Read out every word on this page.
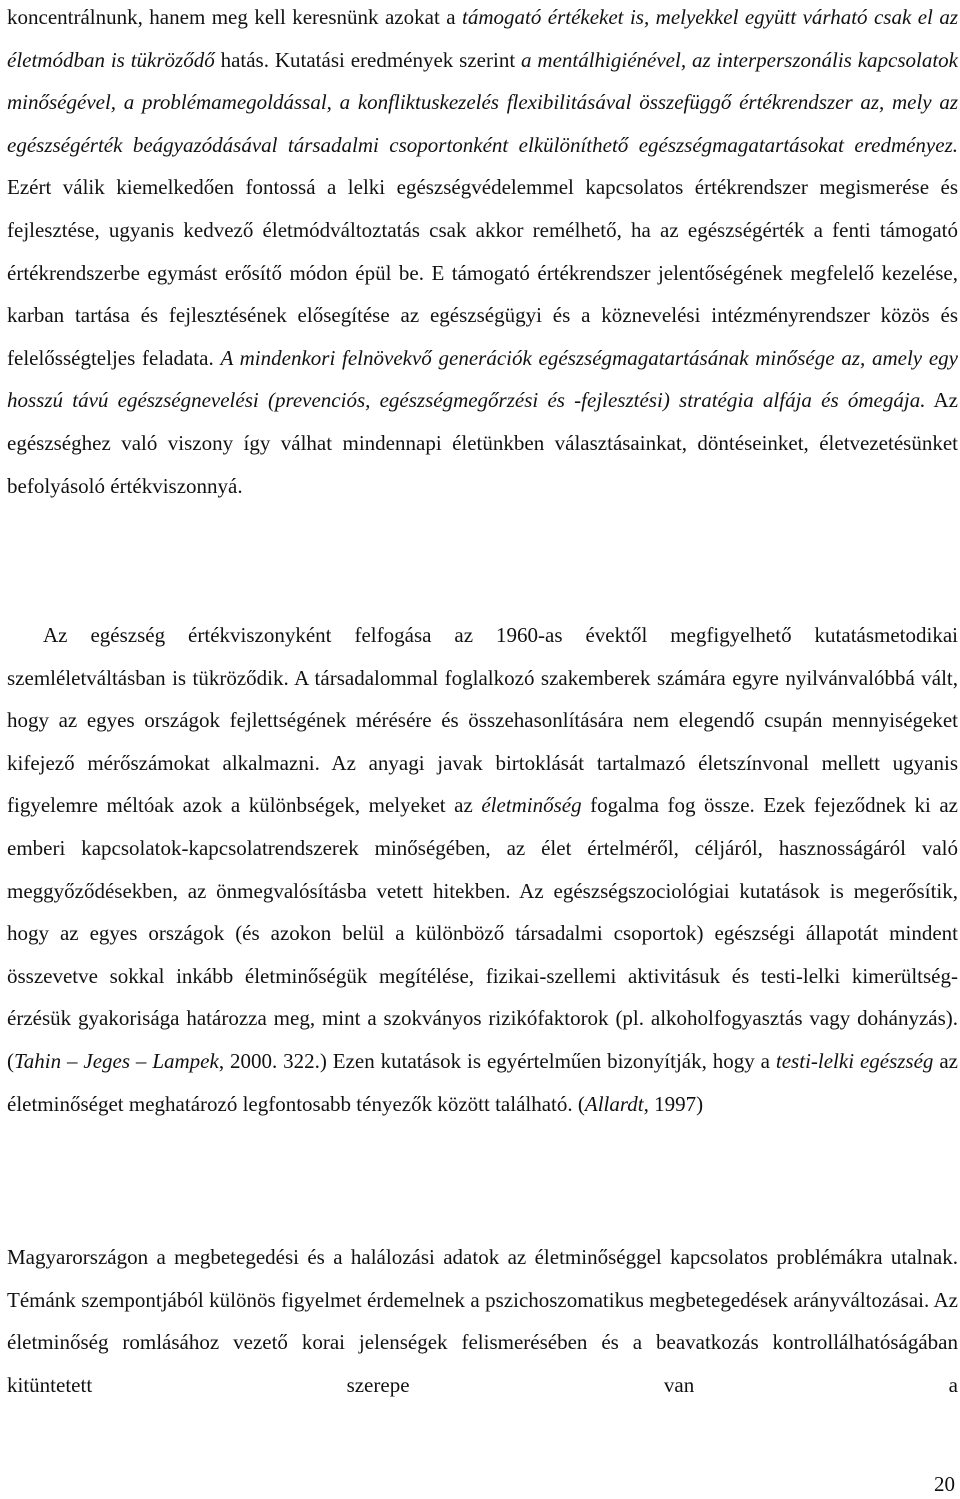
koncentrálnunk, hanem meg kell keresnünk azokat a támogató értékeket is, melyekkel együtt várható csak el az életmódban is tükröződő hatás. Kutatási eredmények szerint a mentálhigiénével, az interperszonális kapcsolatok minőségével, a problémamegoldással, a konfliktuskezelés flexibilitásával összefüggő értékrendszer az, mely az egészségérték beágyazódásával társadalmi csoportonként elkülöníthető egészségmagatartásokat eredményez. Ezért válik kiemelkedően fontossá a lelki egészségvédelemmel kapcsolatos értékrendszer megismerése és fejlesztése, ugyanis kedvező életmódváltoztatás csak akkor remélhető, ha az egészségérték a fenti támogató értékrendszerbe egymást erősítő módon épül be. E támogató értékrendszer jelentőségének megfelelő kezelése, karban tartása és fejlesztésének elősegítése az egészségügyi és a köznevelési intézményrendszer közös és felelősségteljes feladata. A mindenkori felnövekvő generációk egészségmagatartásának minősége az, amely egy hosszú távú egészségnevelési (prevenciós, egészségmegőrzési és -fejlesztési) stratégia alfája és ómegája. Az egészséghez való viszony így válhat mindennapi életünkben választásainkat, döntéseinket, életvezetésünket befolyásoló értékviszonnyá.

Az egészség értékviszonyként felfogása az 1960-as évektől megfigyelhető kutatásmetodikai szemléletváltásban is tükröződik. A társadalommal foglalkozó szakemberek számára egyre nyilvánvalóbbá vált, hogy az egyes országok fejlettségének mérésére és összehasonlítására nem elegendő csupán mennyiségeket kifejező mérőszámokat alkalmazni. Az anyagi javak birtoklását tartalmazó életszínvonal mellett ugyanis figyelemre méltóak azok a különbségek, melyeket az életminőség fogalma fog össze. Ezek fejeződnek ki az emberi kapcsolatok-kapcsolatrendszerek minőségében, az élet értelméről, céljáról, hasznosságáról való meggyőződésekben, az önmegvalósításba vetett hitekben. Az egészségszociológiai kutatások is megerősítik, hogy az egyes országok (és azokon belül a különböző társadalmi csoportok) egészségi állapotát mindent összevetve sokkal inkább életminőségük megítélése, fizikai-szellemi aktivitásuk és testi-lelki kimerültség-érzésük gyakorisága határozza meg, mint a szokványos rizikófaktorok (pl. alkoholfogyasztás vagy dohányzás). (Tahin – Jeges – Lampek, 2000. 322.) Ezen kutatások is egyértelműen bizonyítják, hogy a testi-lelki egészség az életminőséget meghatározó legfontosabb tényezők között található. (Allardt, 1997)

Magyarországon a megbetegedési és a halálozási adatok az életminőséggel kapcsolatos problémákra utalnak. Témánk szempontjából különös figyelmet érdemelnek a pszichoszomatikus megbetegedések arányváltozásai. Az életminőség romlásához vezető korai jelenségek felismerésében és a beavatkozás kontrollálhatóságában kitüntetett szerepe van a

20
